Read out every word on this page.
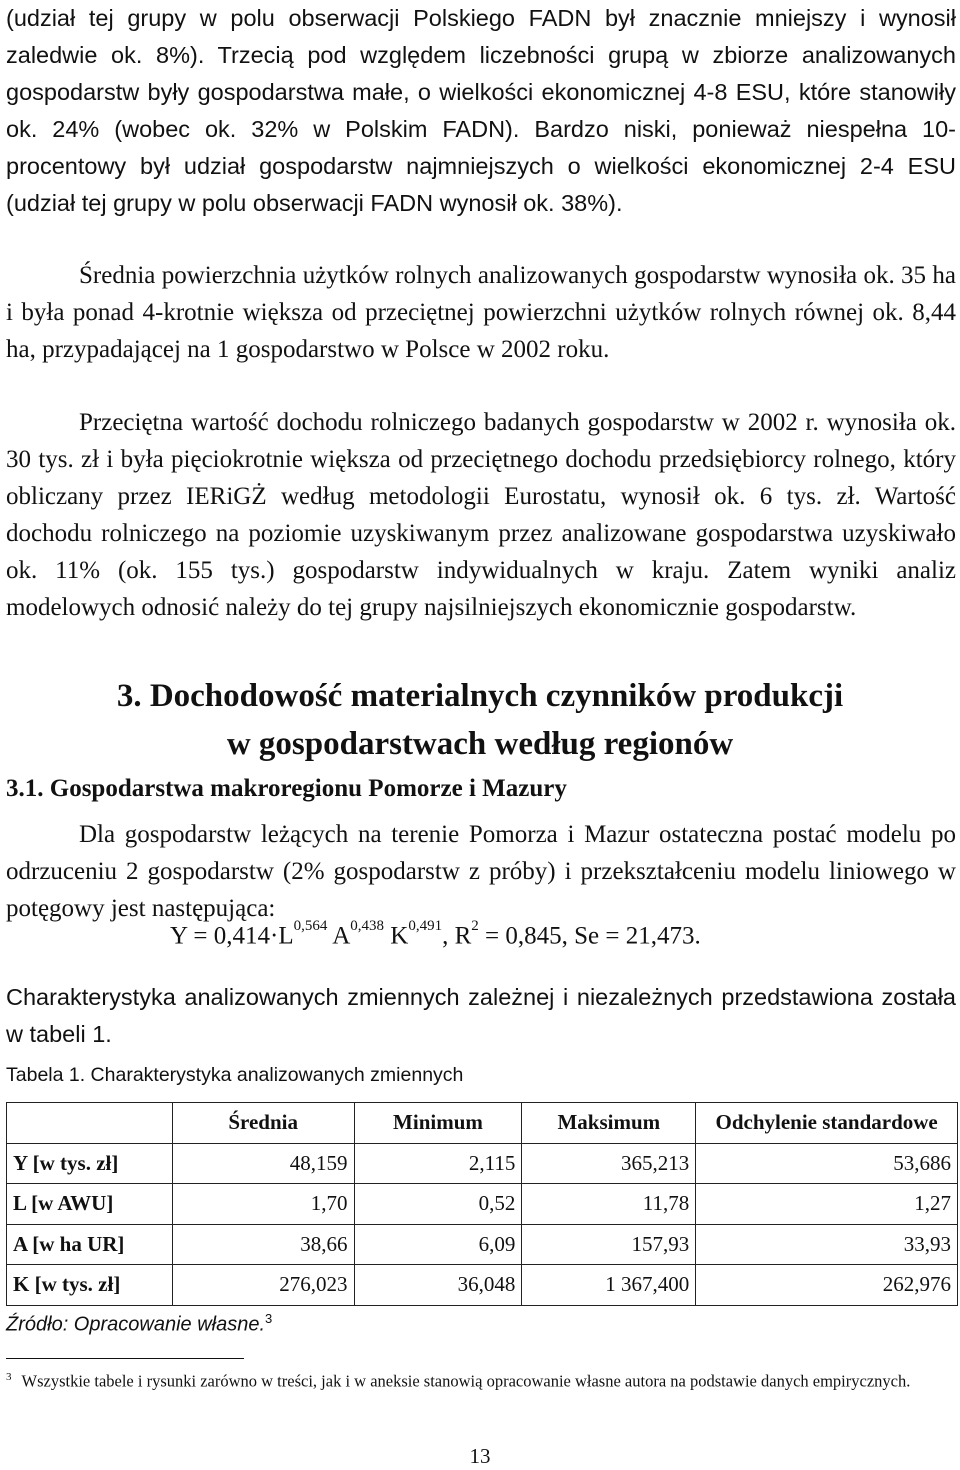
(udział tej grupy w polu obserwacji Polskiego FADN był znacznie mniejszy i wynosił zaledwie ok. 8%). Trzecią pod względem liczebności grupą w zbiorze analizowanych gospodarstw były gospodarstwa małe, o wielkości ekonomicznej 4-8 ESU, które stanowiły ok. 24% (wobec ok. 32% w Polskim FADN). Bardzo niski, ponieważ niespełna 10-procentowy był udział gospodarstw najmniejszych o wielkości ekonomicznej 2-4 ESU (udział tej grupy w polu obserwacji FADN wynosił ok. 38%).

Średnia powierzchnia użytków rolnych analizowanych gospodarstw wynosiła ok. 35 ha i była ponad 4-krotnie większa od przeciętnej powierzchni użytków rolnych równej ok. 8,44 ha, przypadającej na 1 gospodarstwo w Polsce w 2002 roku.

Przeciętna wartość dochodu rolniczego badanych gospodarstw w 2002 r. wynosiła ok. 30 tys. zł i była pięciokrotnie większa od przeciętnego dochodu przedsiębiorcy rolnego, który obliczany przez IERiGŻ według metodologii Eurostatu, wynosił ok. 6 tys. zł. Wartość dochodu rolniczego na poziomie uzyskiwanym przez analizowane gospodarstwa uzyskiwało ok. 11% (ok. 155 tys.) gospodarstw indywidualnych w kraju. Zatem wyniki analiz modelowych odnosić należy do tej grupy najsilniejszych ekonomicznie gospodarstw.

3. Dochodowość materialnych czynników produkcji
w gospodarstwach według regionów
3.1. Gospodarstwa makroregionu Pomorze i Mazury

Dla gospodarstw leżących na terenie Pomorza i Mazur ostateczna postać modelu po odrzuceniu 2 gospodarstw (2% gospodarstw z próby) i przekształceniu modelu liniowego w potęgowy jest następująca:

$Y = 0,414\cdot L^{0,564}$ A$^{0,438}$ K$^{0,491}$, $R^2 = 0,845$, Se = 21,473.

Charakterystyka analizowanych zmiennych zależnej i niezależnych przedstawiona została w tabeli 1.

Tabela 1. Charakterystyka analizowanych zmiennych

	Średnia	Minimum	Maksimum	Odchylenie standardowe
Y [w tys. zł]	48,159	2,115	365,213	53,686
L [w AWU]	1,70	0,52	11,78	1,27
A [w ha UR]	38,66	6,09	157,93	33,93
K [w tys. zł]	276,023	36,048	1 367,400	262,976

Źródło: Opracowanie własne.$^3$

$^3$ Wszystkie tabele i rysunki zarówno w treści, jak i w aneksie stanowią opracowanie własne autora na podstawie danych empirycznych.

13
